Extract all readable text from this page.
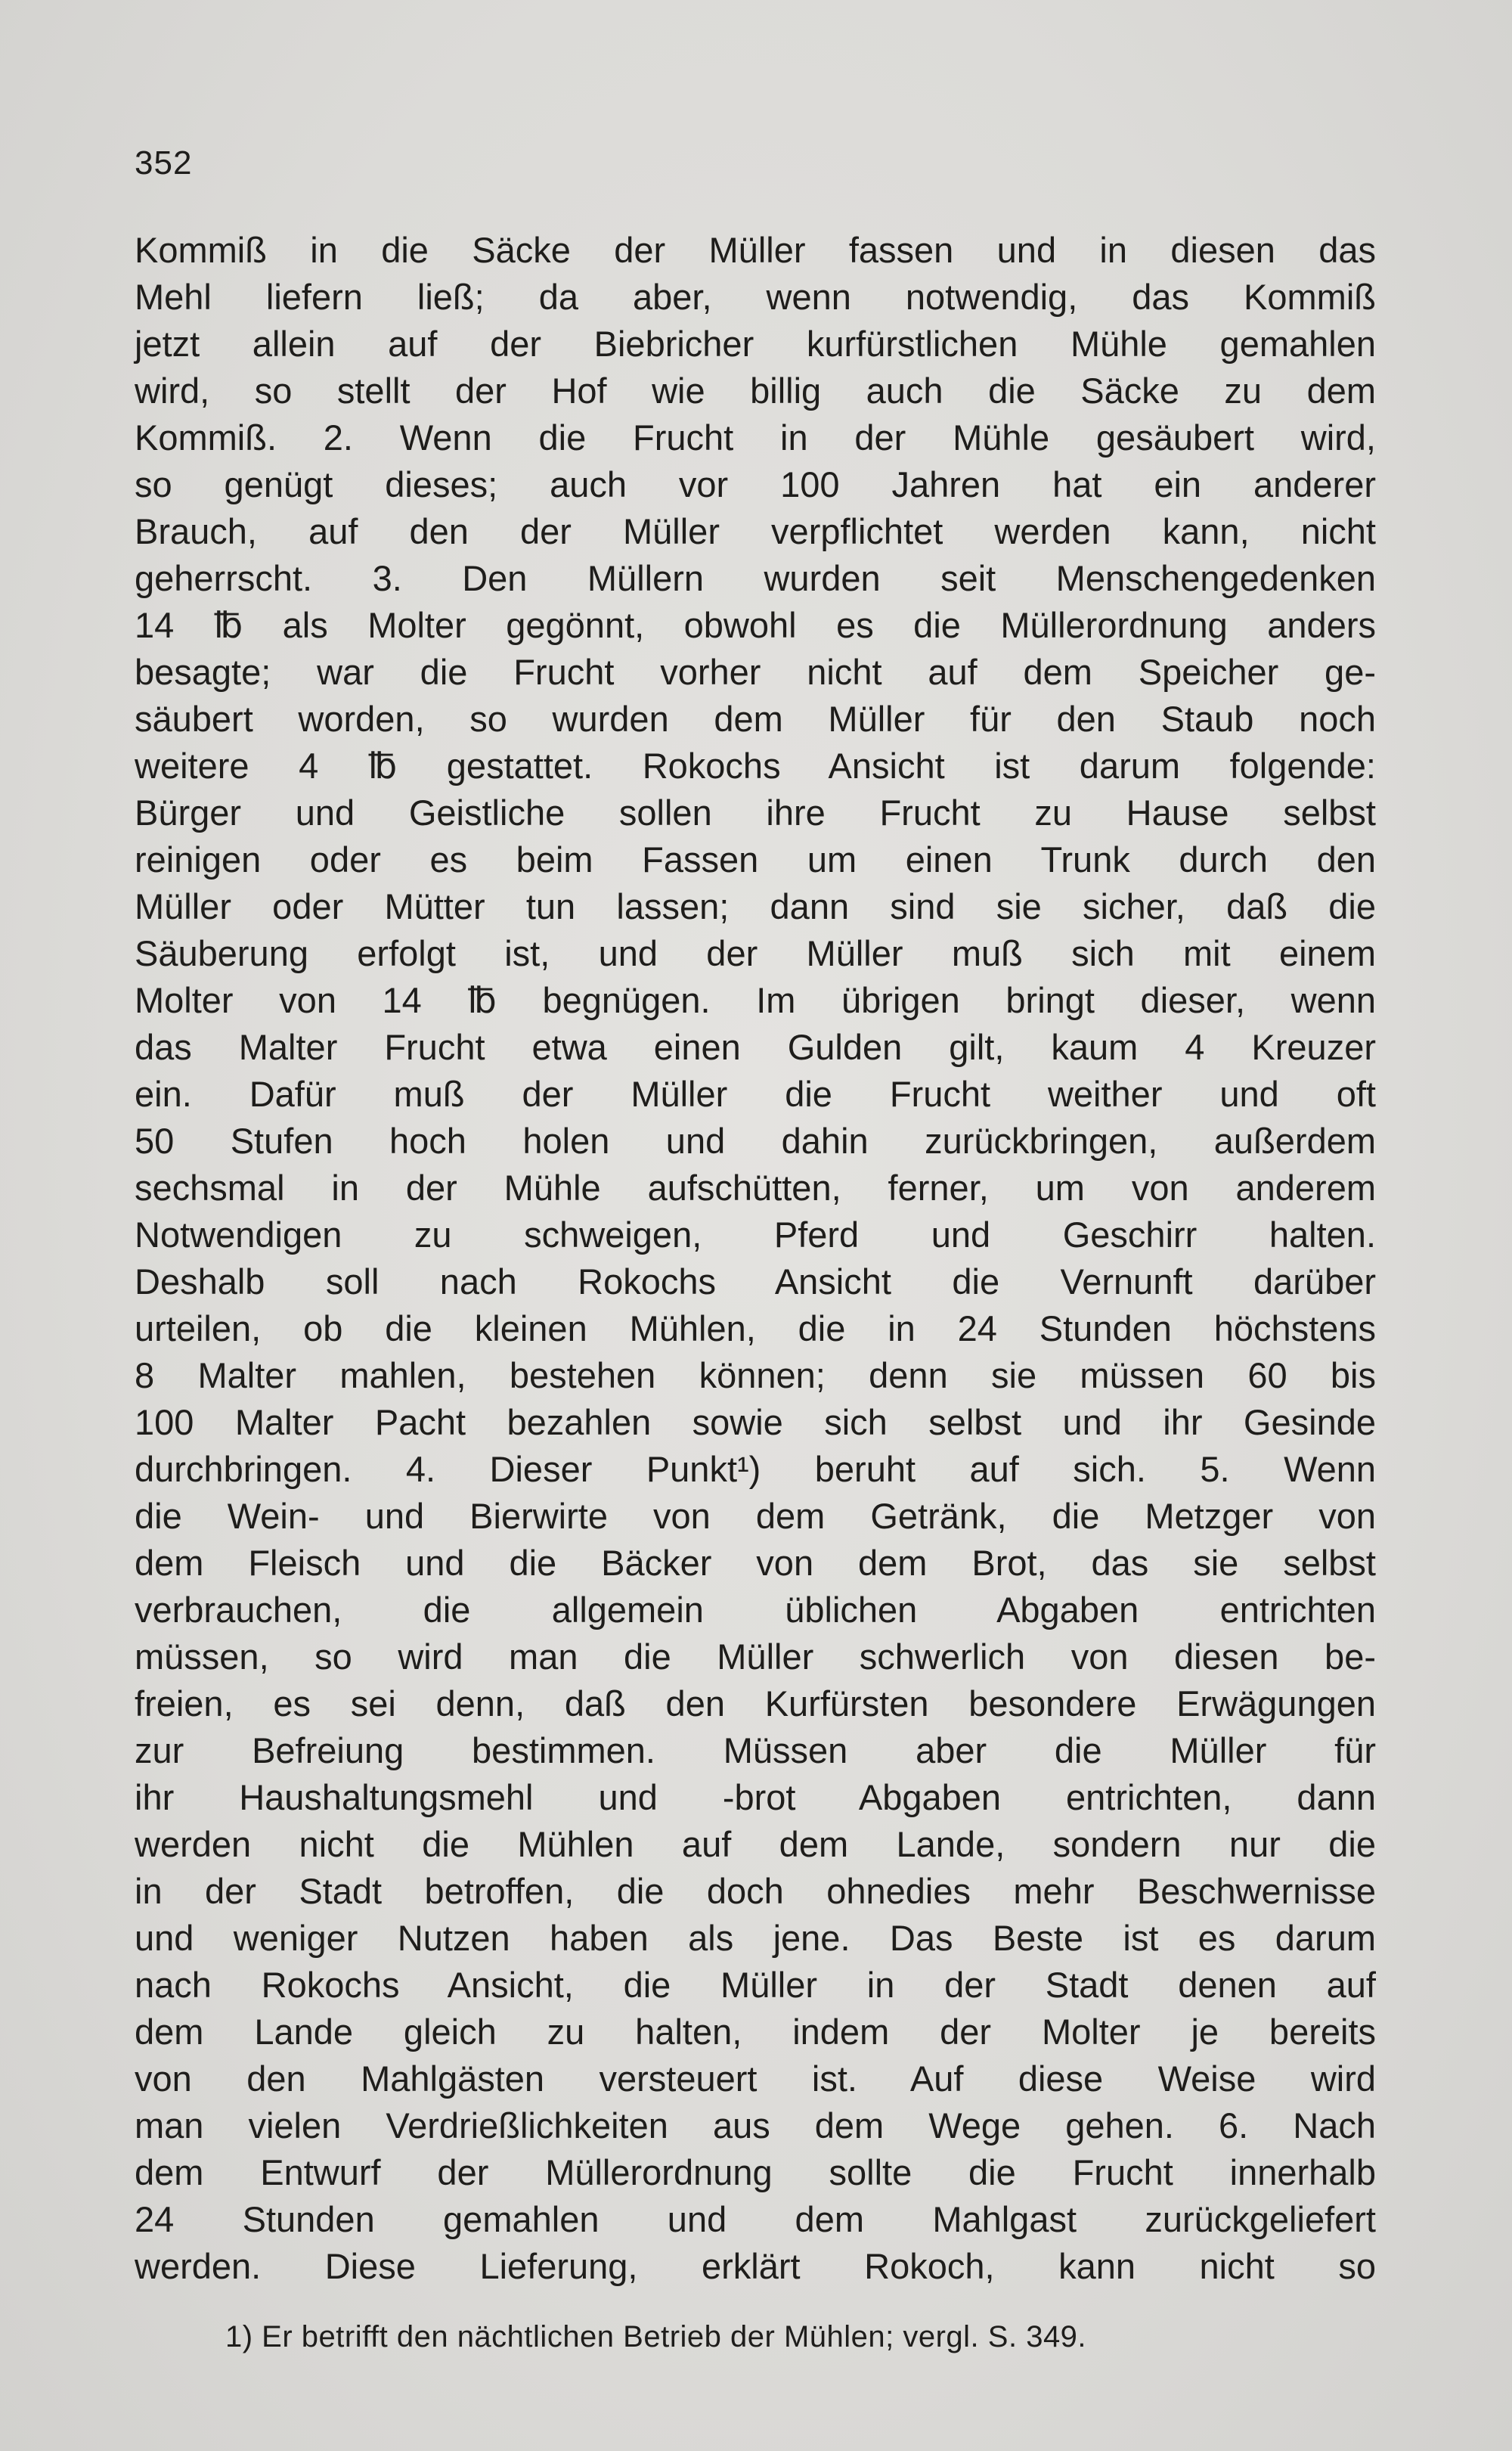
352
Kommiß in die Säcke der Müller fassen und in diesen das
Mehl liefern ließ; da aber, wenn notwendig, das Kommiß
jetzt allein auf der Biebricher kurfürstlichen Mühle gemahlen
wird, so stellt der Hof wie billig auch die Säcke zu dem
Kommiß. 2. Wenn die Frucht in der Mühle gesäubert wird,
so genügt dieses; auch vor 100 Jahren hat ein anderer
Brauch, auf den der Müller verpflichtet werden kann, nicht
geherrscht. 3. Den Müllern wurden seit Menschengedenken
14 ℔ als Molter gegönnt, obwohl es die Müllerordnung anders
besagte; war die Frucht vorher nicht auf dem Speicher ge-
säubert worden, so wurden dem Müller für den Staub noch
weitere 4 ℔ gestattet. Rokochs Ansicht ist darum folgende:
Bürger und Geistliche sollen ihre Frucht zu Hause selbst
reinigen oder es beim Fassen um einen Trunk durch den
Müller oder Mütter tun lassen; dann sind sie sicher, daß die
Säuberung erfolgt ist, und der Müller muß sich mit einem
Molter von 14 ℔ begnügen. Im übrigen bringt dieser, wenn
das Malter Frucht etwa einen Gulden gilt, kaum 4 Kreuzer
ein. Dafür muß der Müller die Frucht weither und oft
50 Stufen hoch holen und dahin zurückbringen, außerdem
sechsmal in der Mühle aufschütten, ferner, um von anderem
Notwendigen zu schweigen, Pferd und Geschirr halten.
Deshalb soll nach Rokochs Ansicht die Vernunft darüber
urteilen, ob die kleinen Mühlen, die in 24 Stunden höchstens
8 Malter mahlen, bestehen können; denn sie müssen 60 bis
100 Malter Pacht bezahlen sowie sich selbst und ihr Gesinde
durchbringen. 4. Dieser Punkt¹) beruht auf sich. 5. Wenn
die Wein- und Bierwirte von dem Getränk, die Metzger von
dem Fleisch und die Bäcker von dem Brot, das sie selbst
verbrauchen, die allgemein üblichen Abgaben entrichten
müssen, so wird man die Müller schwerlich von diesen be-
freien, es sei denn, daß den Kurfürsten besondere Erwägungen
zur Befreiung bestimmen. Müssen aber die Müller für
ihr Haushaltungsmehl und -brot Abgaben entrichten, dann
werden nicht die Mühlen auf dem Lande, sondern nur die
in der Stadt betroffen, die doch ohnedies mehr Beschwernisse
und weniger Nutzen haben als jene. Das Beste ist es darum
nach Rokochs Ansicht, die Müller in der Stadt denen auf
dem Lande gleich zu halten, indem der Molter je bereits
von den Mahlgästen versteuert ist. Auf diese Weise wird
man vielen Verdrießlichkeiten aus dem Wege gehen. 6. Nach
dem Entwurf der Müllerordnung sollte die Frucht innerhalb
24 Stunden gemahlen und dem Mahlgast zurückgeliefert
werden. Diese Lieferung, erklärt Rokoch, kann nicht so
1) Er betrifft den nächtlichen Betrieb der Mühlen; vergl. S. 349.
